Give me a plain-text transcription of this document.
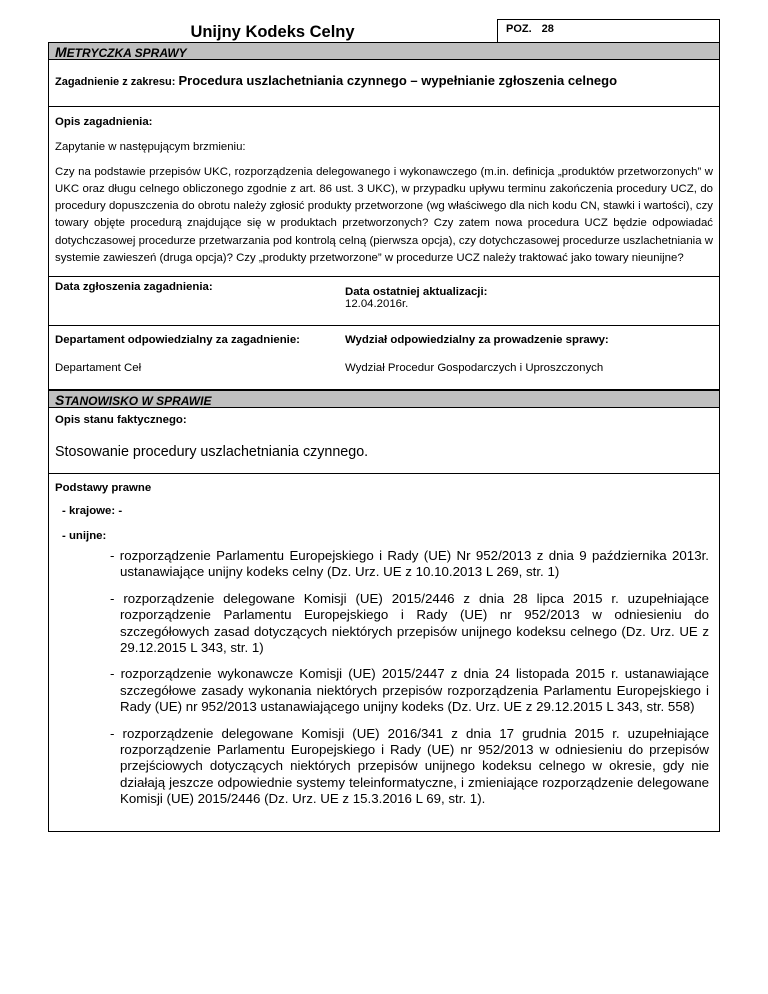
Unijny Kodeks Celny	POZ. 28
METRYCZKA SPRAWY
Zagadnienie z zakresu: Procedura uszlachetniania czynnego – wypełnianie zgłoszenia celnego
Opis zagadnienia:

Zapytanie w następującym brzmieniu:

Czy na podstawie przepisów UKC, rozporządzenia delegowanego i wykonawczego (m.in. definicja „produktów przetworzonych” w UKC oraz długu celnego obliczonego zgodnie z art. 86 ust. 3 UKC), w przypadku upływu terminu zakończenia procedury UCZ, do procedury dopuszczenia do obrotu należy zgłosić produkty przetworzone (wg właściwego dla nich kodu CN, stawki i wartości), czy towary objęte procedurą znajdujące się w produktach przetworzonych? Czy zatem nowa procedura UCZ będzie odpowiadać dotychczasowej procedurze przetwarzania pod kontrolą celną (pierwsza opcja), czy dotychczasowej procedurze uszlachetniania w systemie zawieszeń (druga opcja)? Czy „produkty przetworzone” w procedurze UCZ należy traktować jako towary nieunijne?

Data zgłoszenia zagadnienia:	Data ostatniej aktualizacji:
12.04.2016r.
Departament odpowiedzialny za zagadnienie:
Departament Ceł
Wydział odpowiedzialny za prowadzenie sprawy:
Wydział Procedur Gospodarczych i Uproszczonych
STANOWISKO W SPRAWIE
Opis stanu faktycznego:
Stosowanie procedury uszlachetniania czynnego.
Podstawy prawne
- krajowe: -
- unijne:
- rozporządzenie Parlamentu Europejskiego i Rady (UE) Nr 952/2013 z dnia 9 października 2013r. ustanawiające unijny kodeks celny (Dz. Urz. UE z 10.10.2013 L 269, str. 1)
- rozporządzenie delegowane Komisji (UE) 2015/2446 z dnia 28 lipca 2015 r. uzupełniające rozporządzenie Parlamentu Europejskiego i Rady (UE) nr 952/2013 w odniesieniu do szczegółowych zasad dotyczących niektórych przepisów unijnego kodeksu celnego (Dz. Urz. UE z 29.12.2015 L 343, str. 1)
- rozporządzenie wykonawcze Komisji (UE) 2015/2447 z dnia 24 listopada 2015 r. ustanawiające szczegółowe zasady wykonania niektórych przepisów rozporządzenia Parlamentu Europejskiego i Rady (UE) nr 952/2013 ustanawiającego unijny kodeks (Dz. Urz. UE z 29.12.2015 L 343, str. 558)
- rozporządzenie delegowane Komisji (UE) 2016/341 z dnia 17 grudnia 2015 r. uzupełniające rozporządzenie Parlamentu Europejskiego i Rady (UE) nr 952/2013 w odniesieniu do przepisów przejściowych dotyczących niektórych przepisów unijnego kodeksu celnego w okresie, gdy nie działają jeszcze odpowiednie systemy teleinformatyczne, i zmieniające rozporządzenie delegowane Komisji (UE) 2015/2446 (Dz. Urz. UE z 15.3.2016 L 69, str. 1).
